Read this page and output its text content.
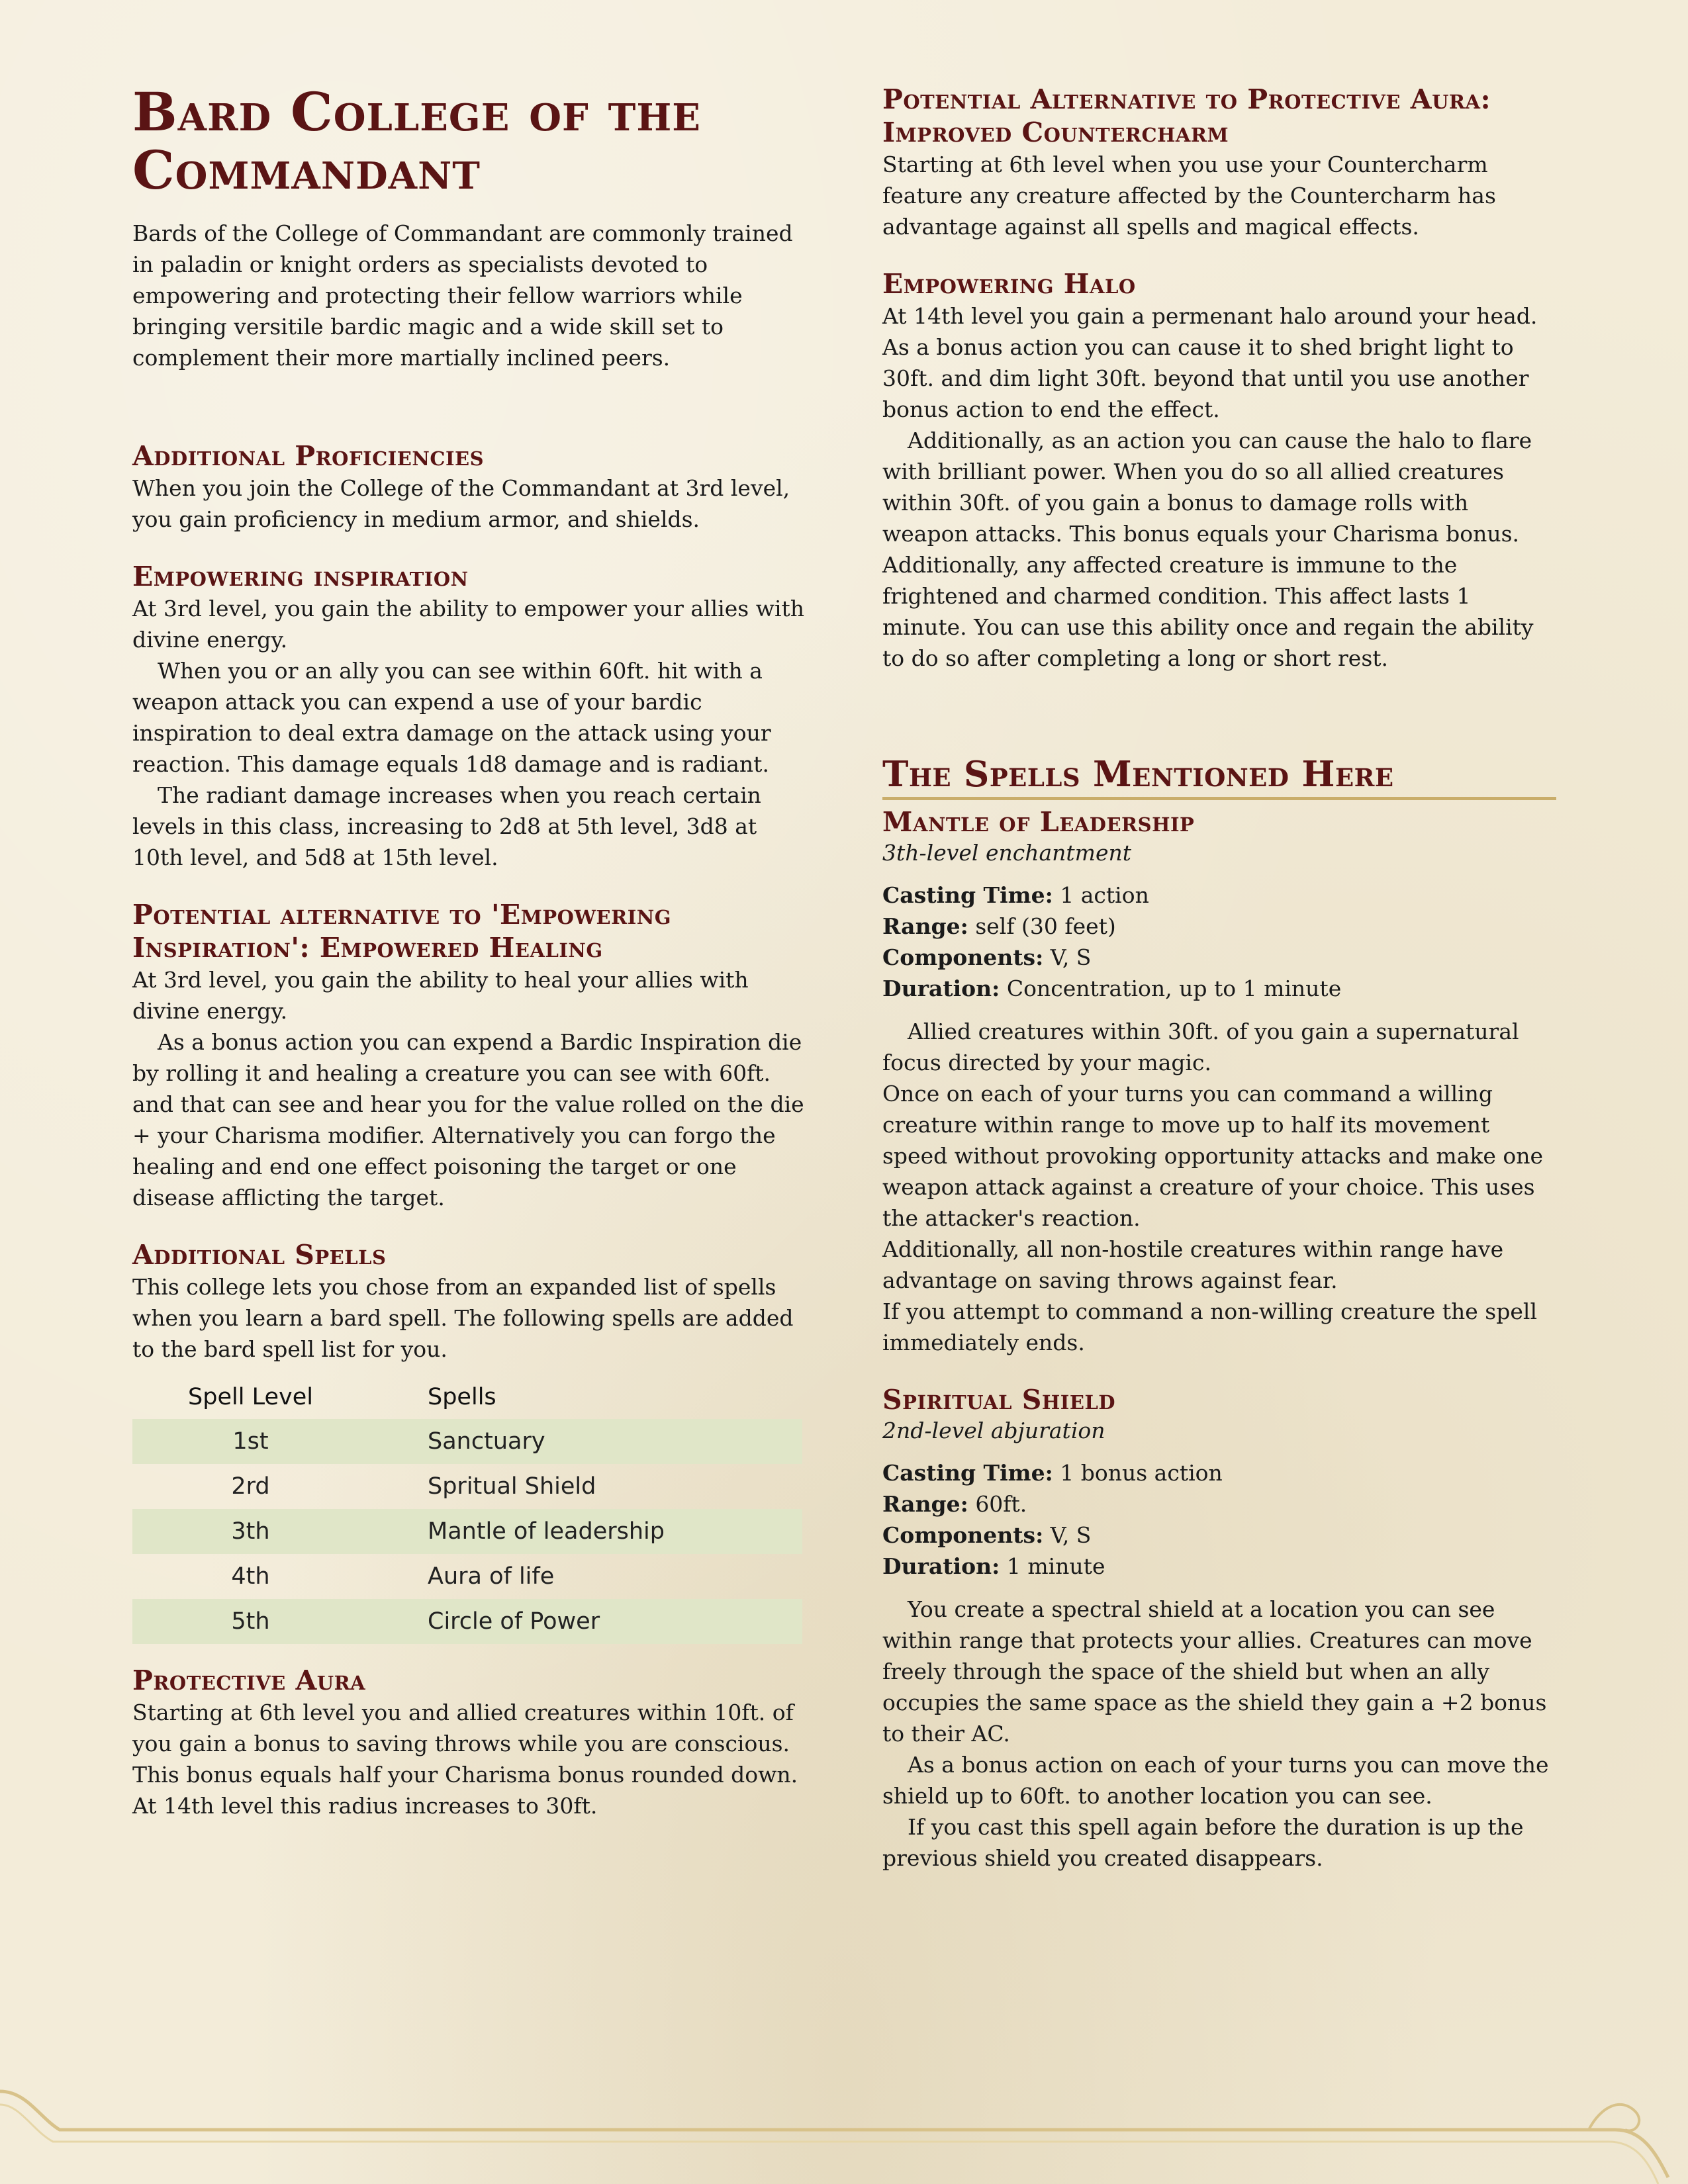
Bard College of the Commandant

Bards of the College of Commandant are commonly trained in paladin or knight orders as specialists devoted to empowering and protecting their fellow warriors while bringing versitile bardic magic and a wide skill set to complement their more martially inclined peers.

Additional Proficiencies

When you join the College of the Commandant at 3rd level, you gain proficiency in medium armor, and shields.

Empowering inspiration

At 3rd level, you gain the ability to empower your allies with divine energy.

When you or an ally you can see within 60ft. hit with a weapon attack you can expend a use of your bardic inspiration to deal extra damage on the attack using your reaction. This damage equals 1d8 damage and is radiant.

The radiant damage increases when you reach certain levels in this class, increasing to 2d8 at 5th level, 3d8 at 10th level, and 5d8 at 15th level.

Potential alternative to 'Empowering Inspiration': Empowered Healing

At 3rd level, you gain the ability to heal your allies with divine energy.

As a bonus action you can expend a Bardic Inspiration die by rolling it and healing a creature you can see with 60ft. and that can see and hear you for the value rolled on the die + your Charisma modifier. Alternatively you can forgo the healing and end one effect poisoning the target or one disease afflicting the target.

Additional Spells

This college lets you chose from an expanded list of spells when you learn a bard spell. The following spells are added to the bard spell list for you.

Spell Level	Spells
1st	Sanctuary
2rd	Spritual Shield
3th	Mantle of leadership
4th	Aura of life
5th	Circle of Power
Protective Aura

Starting at 6th level you and allied creatures within 10ft. of you gain a bonus to saving throws while you are conscious. This bonus equals half your Charisma bonus rounded down. At 14th level this radius increases to 30ft.

Potential Alternative to Protective Aura: Improved Countercharm

Starting at 6th level when you use your Countercharm feature any creature affected by the Countercharm has advantage against all spells and magical effects.

Empowering Halo

At 14th level you gain a permenant halo around your head. As a bonus action you can cause it to shed bright light to 30ft. and dim light 30ft. beyond that until you use another bonus action to end the effect.

Additionally, as an action you can cause the halo to flare with brilliant power. When you do so all allied creatures within 30ft. of you gain a bonus to damage rolls with weapon attacks. This bonus equals your Charisma bonus. Additionally, any affected creature is immune to the frightened and charmed condition. This affect lasts 1 minute. You can use this ability once and regain the ability to do so after completing a long or short rest.

The Spells Mentioned Here
Mantle of Leadership
3th-level enchantment

Casting Time: 1 action

Range: self (30 feet)

Components: V, S

Duration: Concentration, up to 1 minute

Allied creatures within 30ft. of you gain a supernatural focus directed by your magic.

Once on each of your turns you can command a willing creature within range to move up to half its movement speed without provoking opportunity attacks and make one weapon attack against a creature of your choice. This uses the attacker's reaction.

Additionally, all non-hostile creatures within range have advantage on saving throws against fear.

If you attempt to command a non-willing creature the spell immediately ends.

Spiritual Shield
2nd-level abjuration

Casting Time: 1 bonus action

Range: 60ft.

Components: V, S

Duration: 1 minute

You create a spectral shield at a location you can see within range that protects your allies. Creatures can move freely through the space of the shield but when an ally occupies the same space as the shield they gain a +2 bonus to their AC.

As a bonus action on each of your turns you can move the shield up to 60ft. to another location you can see.

If you cast this spell again before the duration is up the previous shield you created disappears.
